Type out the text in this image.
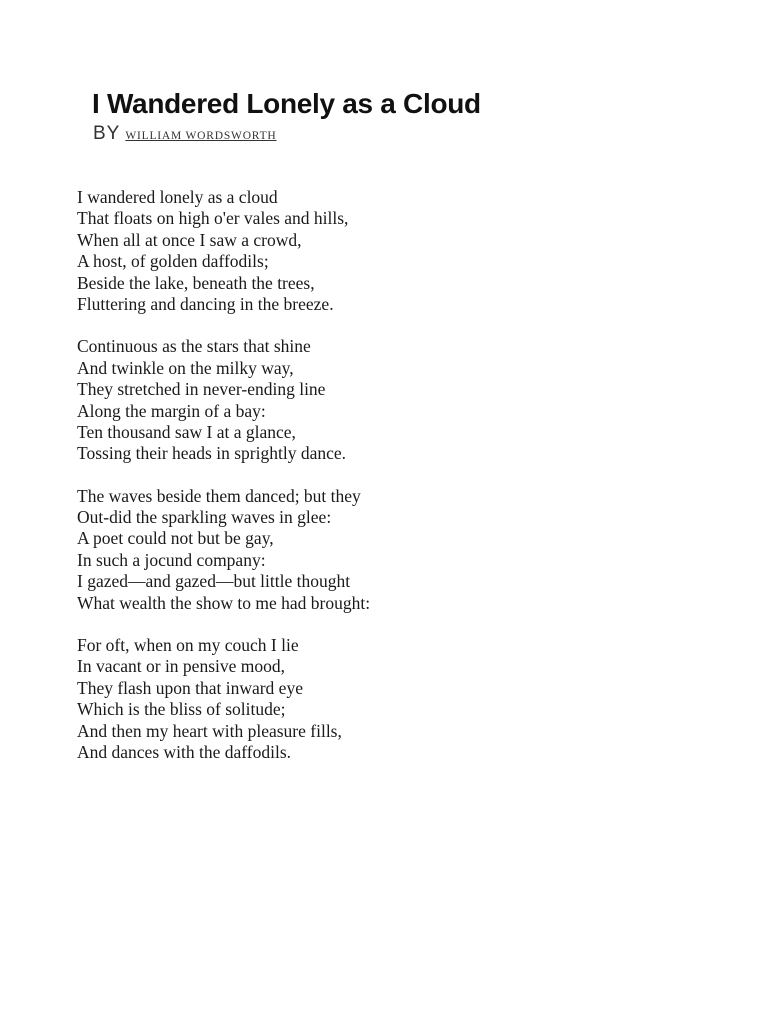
I Wandered Lonely as a Cloud
BY WILLIAM WORDSWORTH
I wandered lonely as a cloud
That floats on high o'er vales and hills,
When all at once I saw a crowd,
A host, of golden daffodils;
Beside the lake, beneath the trees,
Fluttering and dancing in the breeze.
Continuous as the stars that shine
And twinkle on the milky way,
They stretched in never-ending line
Along the margin of a bay:
Ten thousand saw I at a glance,
Tossing their heads in sprightly dance.
The waves beside them danced; but they
Out-did the sparkling waves in glee:
A poet could not but be gay,
In such a jocund company:
I gazed—and gazed—but little thought
What wealth the show to me had brought:
For oft, when on my couch I lie
In vacant or in pensive mood,
They flash upon that inward eye
Which is the bliss of solitude;
And then my heart with pleasure fills,
And dances with the daffodils.
